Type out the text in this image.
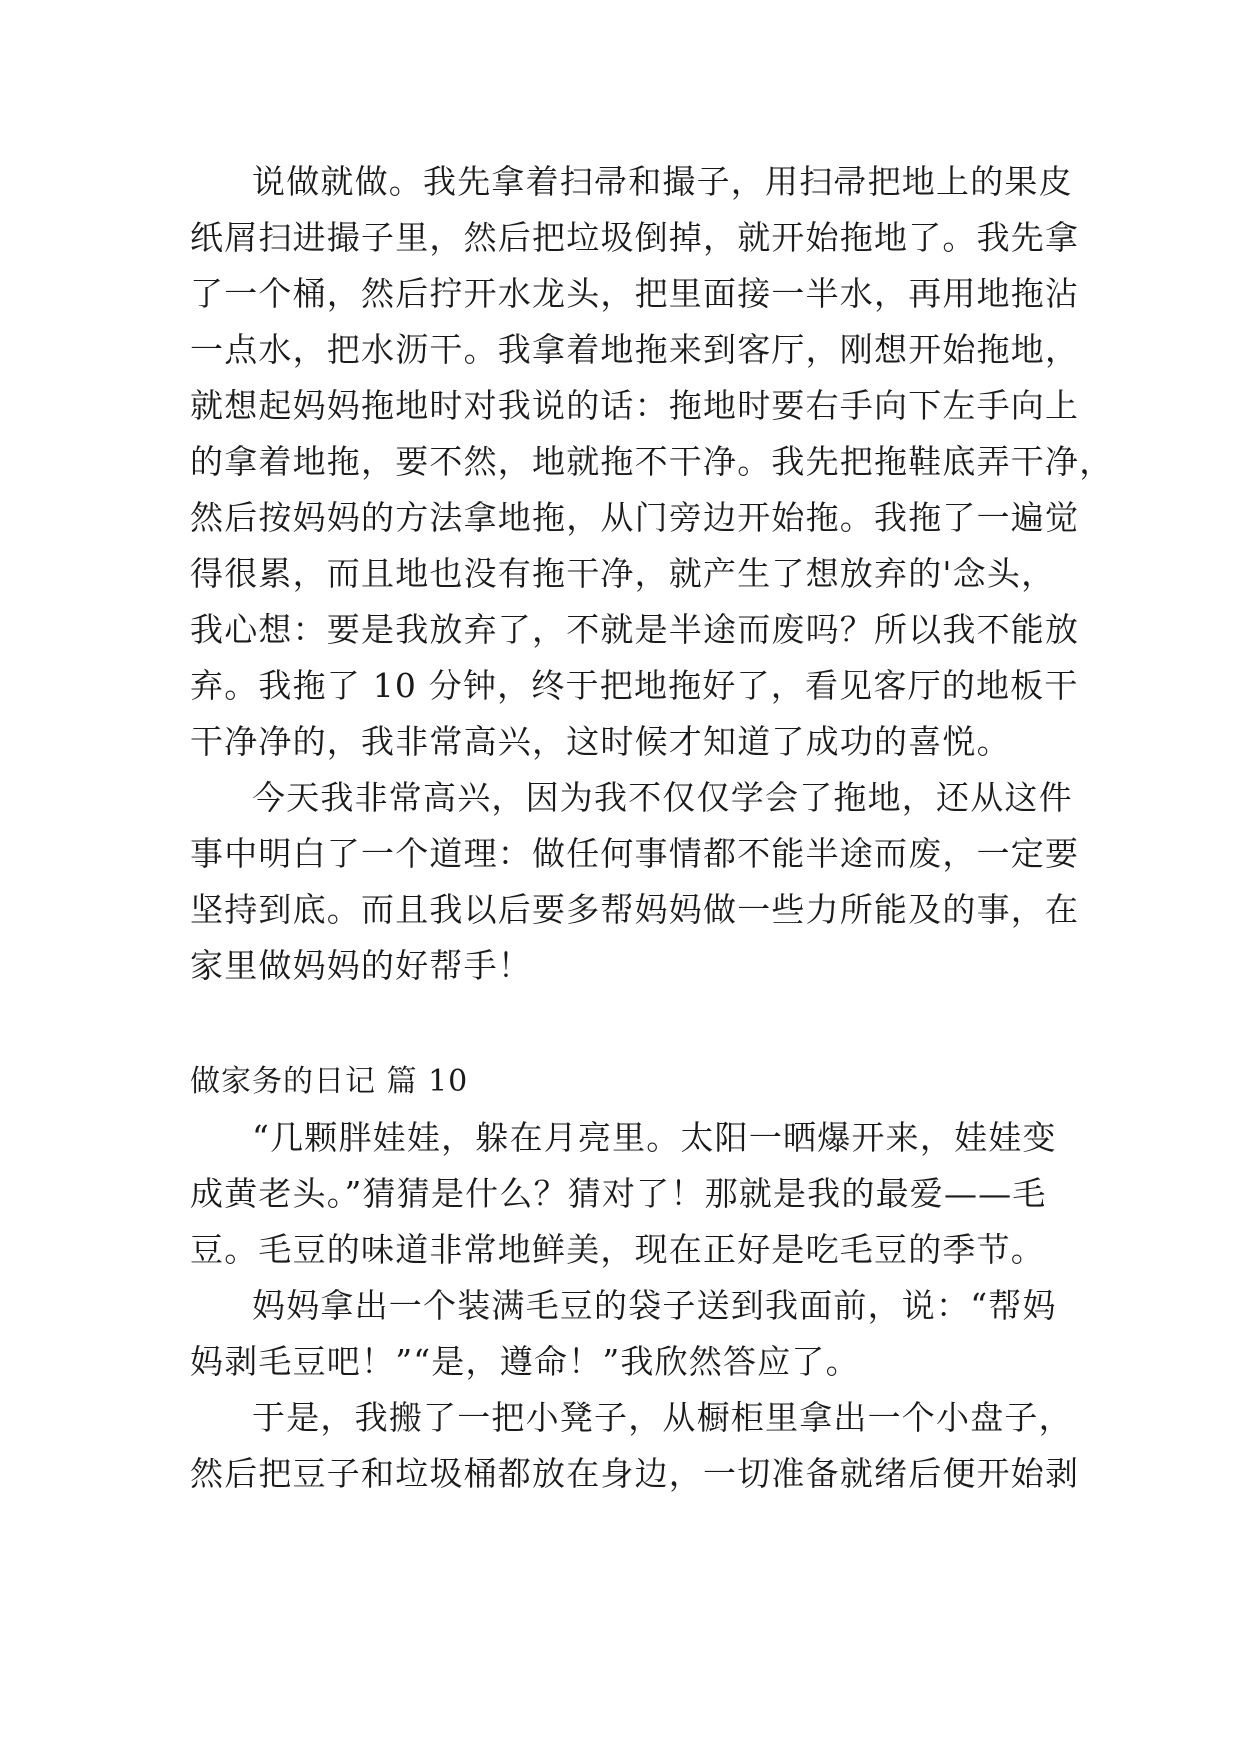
说做就做。我先拿着扫帚和撮子，用扫帚把地上的果皮
纸屑扫进撮子里，然后把垃圾倒掉，就开始拖地了。我先拿
了一个桶，然后拧开水龙头，把里面接一半水，再用地拖沾
一点水，把水沥干。我拿着地拖来到客厅，刚想开始拖地，
就想起妈妈拖地时对我说的话：拖地时要右手向下左手向上
的拿着地拖，要不然，地就拖不干净。我先把拖鞋底弄干净，
然后按妈妈的方法拿地拖，从门旁边开始拖。我拖了一遍觉
得很累，而且地也没有拖干净，就产生了想放弃的'念头，
我心想：要是我放弃了，不就是半途而废吗？所以我不能放
弃。我拖了 10 分钟，终于把地拖好了，看见客厅的地板干
干净净的，我非常高兴，这时候才知道了成功的喜悦。
今天我非常高兴，因为我不仅仅学会了拖地，还从这件
事中明白了一个道理：做任何事情都不能半途而废，一定要
坚持到底。而且我以后要多帮妈妈做一些力所能及的事，在
家里做妈妈的好帮手！
做家务的日记 篇 10
“几颗胖娃娃，躲在月亮里。太阳一晒爆开来，娃娃变
成黄老头。”猜猜是什么？猜对了！那就是我的最爱——毛
豆。毛豆的味道非常地鲜美，现在正好是吃毛豆的季节。
妈妈拿出一个装满毛豆的袋子送到我面前，说：“帮妈
妈剥毛豆吧！”“是，遵命！”我欣然答应了。
于是，我搬了一把小凳子，从橱柜里拿出一个小盘子，
然后把豆子和垃圾桶都放在身边，一切准备就绪后便开始剥
